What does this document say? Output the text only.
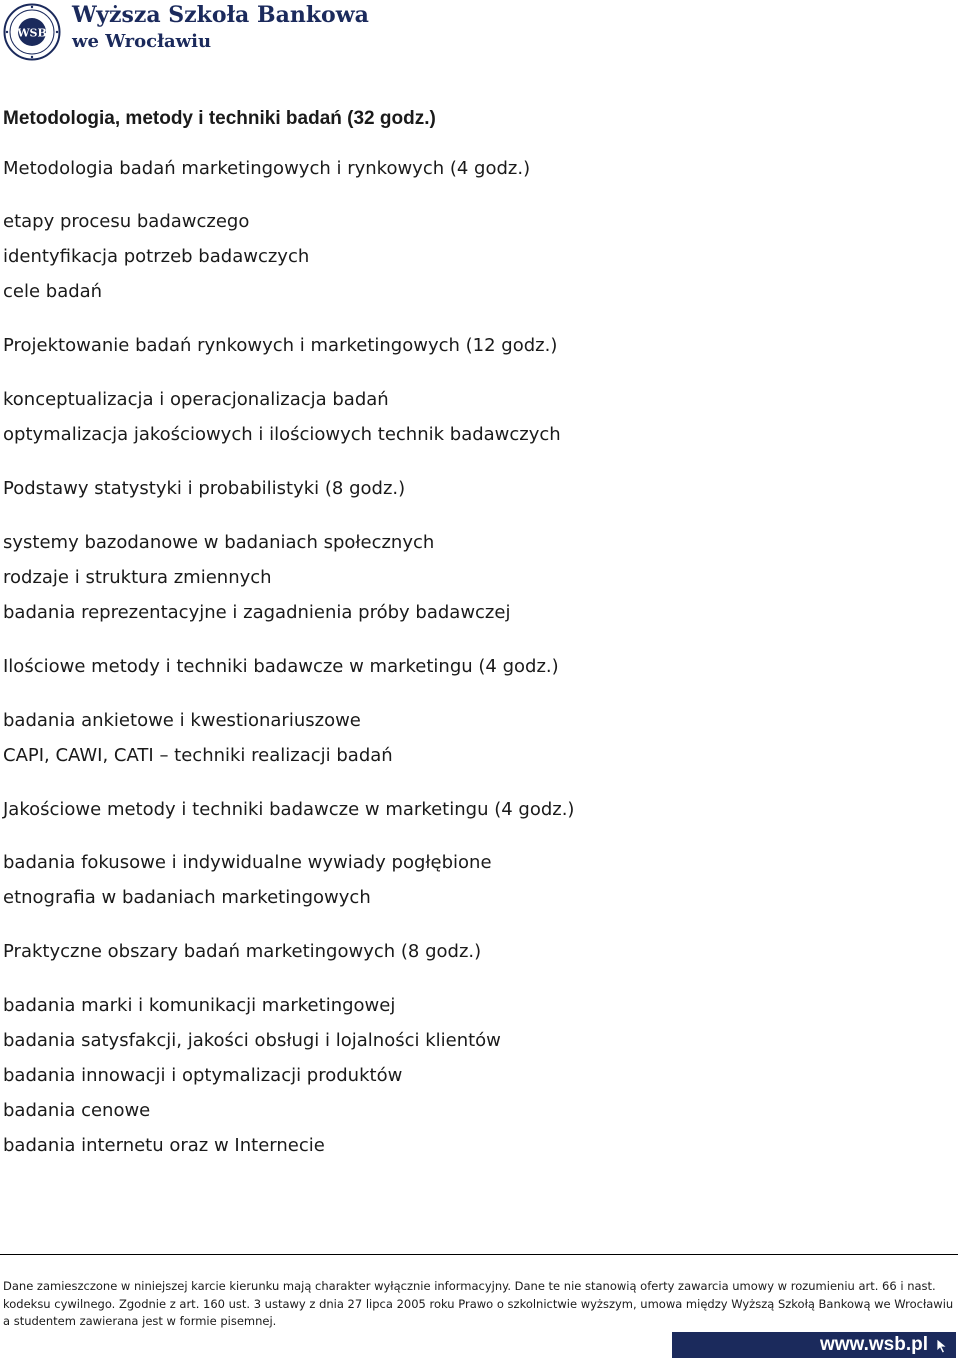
WSB
Wyższa Szkoła Bankowa
we Wrocławiu
Metodologia, metody i techniki badań (32 godz.)
Metodologia badań marketingowych i rynkowych (4 godz.)
etapy procesu badawczego
identyfikacja potrzeb badawczych
cele badań
Projektowanie badań rynkowych i marketingowych (12 godz.)
konceptualizacja i operacjonalizacja badań
optymalizacja jakościowych i ilościowych technik badawczych
Podstawy statystyki i probabilistyki (8 godz.)
systemy bazodanowe w badaniach społecznych
rodzaje i struktura zmiennych
badania reprezentacyjne i zagadnienia próby badawczej
Ilościowe metody i techniki badawcze w marketingu (4 godz.)
badania ankietowe i kwestionariuszowe
CAPI, CAWI, CATI – techniki realizacji badań
Jakościowe metody i techniki badawcze w marketingu (4 godz.)
badania fokusowe i indywidualne wywiady pogłębione
etnografia w badaniach marketingowych
Praktyczne obszary badań marketingowych (8 godz.)
badania marki i komunikacji marketingowej
badania satysfakcji, jakości obsługi i lojalności klientów
badania innowacji i optymalizacji produktów
badania cenowe
badania internetu oraz w Internecie
Dane zamieszczone w niniejszej karcie kierunku mają charakter wyłącznie informacyjny. Dane te nie stanowią oferty zawarcia umowy w rozumieniu art. 66 i nast.
kodeksu cywilnego. Zgodnie z art. 160 ust. 3 ustawy z dnia 27 lipca 2005 roku Prawo o szkolnictwie wyższym, umowa między Wyższą Szkołą Bankową we Wrocławiu
a studentem zawierana jest w formie pisemnej.
www.wsb.pl
